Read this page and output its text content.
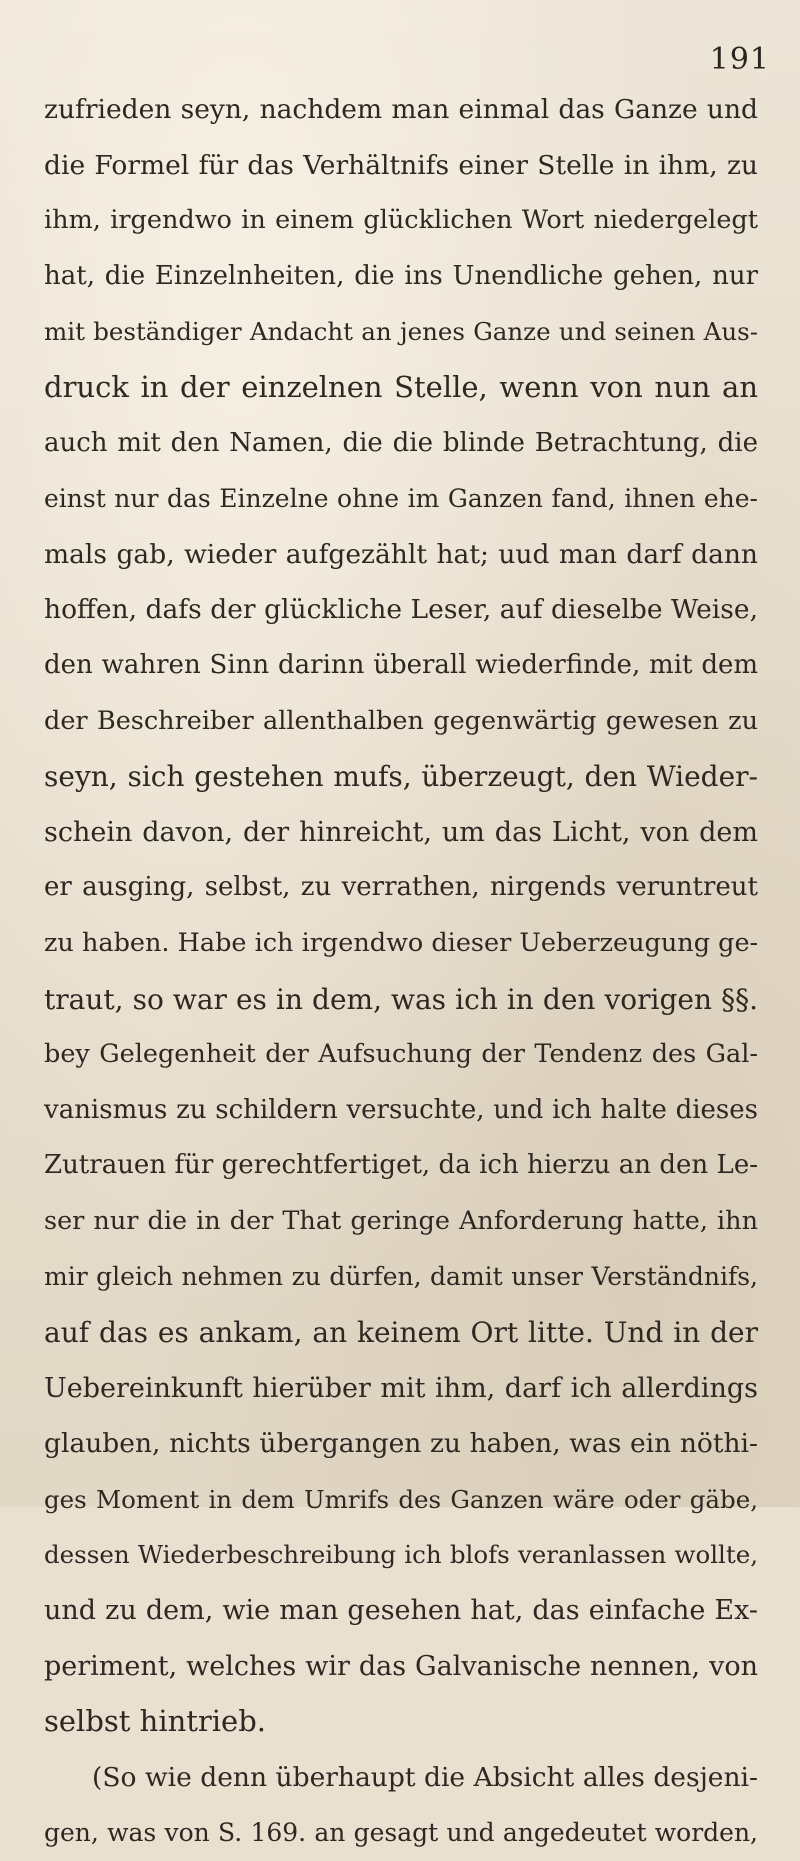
191
zufrieden seyn, nachdem man einmal das Ganze und
die Formel für das Verhältnifs einer Stelle in ihm, zu
ihm, irgendwo in einem glücklichen Wort niedergelegt
hat, die Einzelnheiten, die ins Unendliche gehen, nur
mit beständiger Andacht an jenes Ganze und seinen Aus-
druck in der einzelnen Stelle, wenn von nun an
auch mit den Namen, die die blinde Betrachtung, die
einst nur das Einzelne ohne im Ganzen fand, ihnen ehe-
mals gab, wieder aufgezählt hat; uud man darf dann
hoffen, dafs der glückliche Leser, auf dieselbe Weise,
den wahren Sinn darinn überall wiederfinde, mit dem
der Beschreiber allenthalben gegenwärtig gewesen zu
seyn, sich gestehen mufs, überzeugt, den Wieder-
schein davon, der hinreicht, um das Licht, von dem
er ausging, selbst, zu verrathen, nirgends veruntreut
zu haben. Habe ich irgendwo dieser Ueberzeugung ge-
traut, so war es in dem, was ich in den vorigen §§.
bey Gelegenheit der Aufsuchung der Tendenz des Gal-
vanismus zu schildern versuchte, und ich halte dieses
Zutrauen für gerechtfertiget, da ich hierzu an den Le-
ser nur die in der That geringe Anforderung hatte, ihn
mir gleich nehmen zu dürfen, damit unser Verständnifs,
auf das es ankam, an keinem Ort litte. Und in der
Uebereinkunft hierüber mit ihm, darf ich allerdings
glauben, nichts übergangen zu haben, was ein nöthi-
ges Moment in dem Umrifs des Ganzen wäre oder gäbe,
dessen Wiederbeschreibung ich blofs veranlassen wollte,
und zu dem, wie man gesehen hat, das einfache Ex-
periment, welches wir das Galvanische nennen, von
selbst hintrieb.
(So wie denn überhaupt die Absicht alles desjeni-
gen, was von S. 169. an gesagt und angedeutet worden,
